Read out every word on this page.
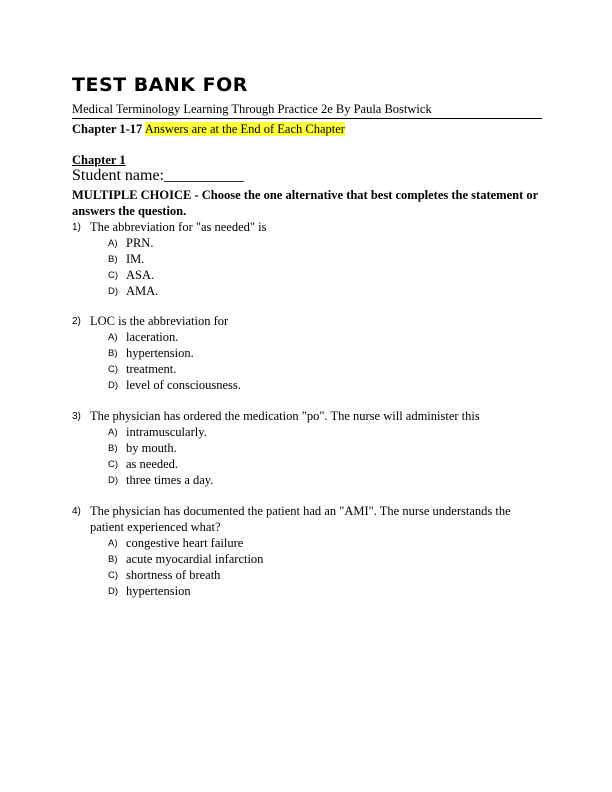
TEST BANK FOR
Medical Terminology Learning Through Practice 2e By Paula Bostwick
Chapter 1-17 Answers are at the End of Each Chapter
Chapter 1
Student name:__________
MULTIPLE CHOICE - Choose the one alternative that best completes the statement or answers the question.
1) The abbreviation for "as needed" is
A) PRN.
B) IM.
C) ASA.
D) AMA.
2) LOC is the abbreviation for
A) laceration.
B) hypertension.
C) treatment.
D) level of consciousness.
3) The physician has ordered the medication "po". The nurse will administer this
A) intramuscularly.
B) by mouth.
C) as needed.
D) three times a day.
4) The physician has documented the patient had an "AMI". The nurse understands the patient experienced what?
A) congestive heart failure
B) acute myocardial infarction
C) shortness of breath
D) hypertension
